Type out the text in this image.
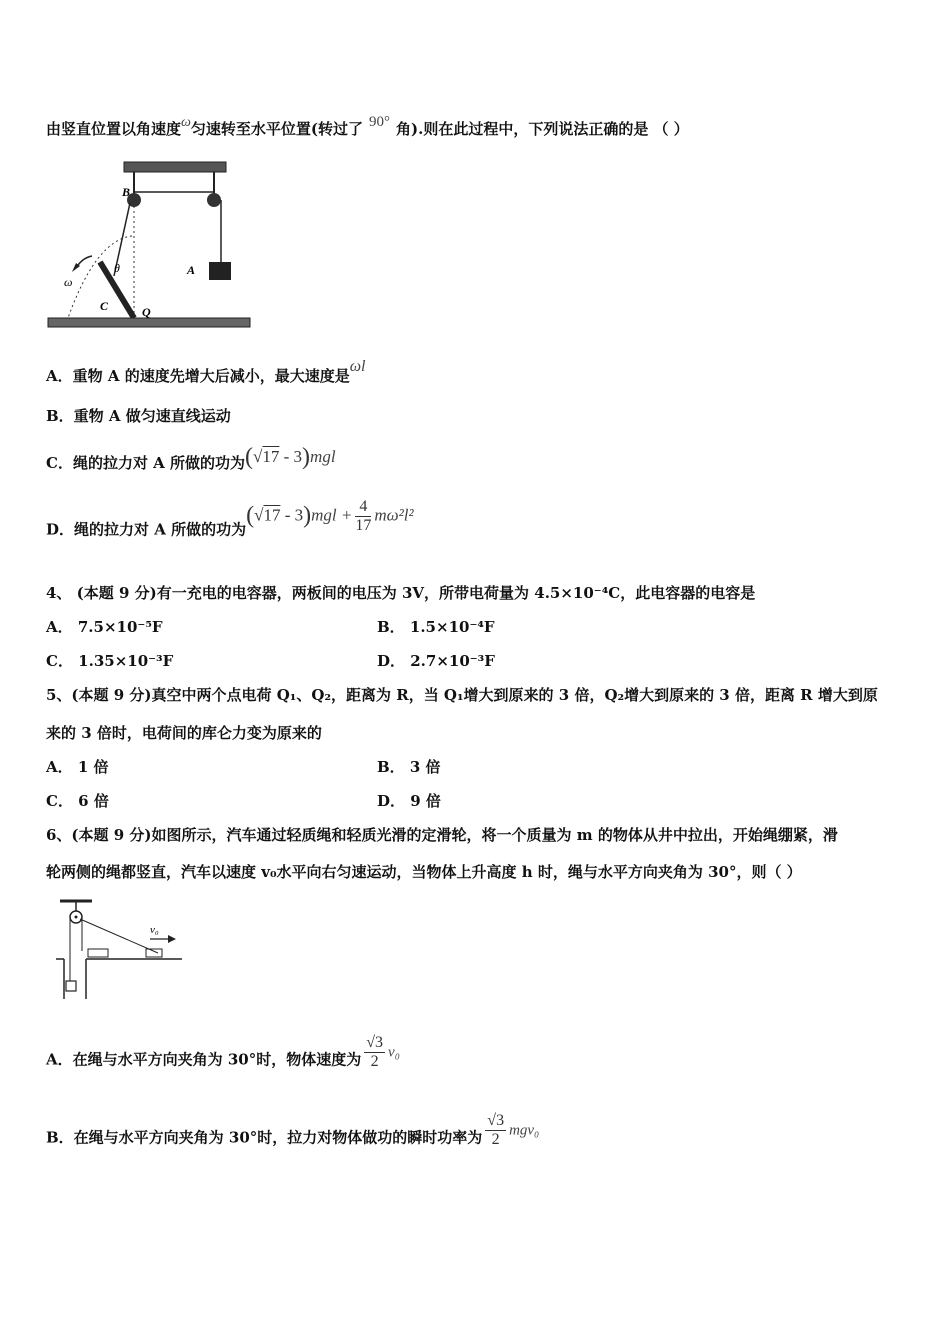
由竖直位置以角速度ω匀速转至水平位置(转过了 90° 角).则在此过程中，下列说法正确的是 （ ）
B
θ	A
ω
C	Q
A．重物 A 的速度先增大后减小，最大速度是ωl
B．重物 A 做匀速直线运动
C．绳的拉力对 A 所做的功为(√17 - 3)mgl
D．绳的拉力对 A 所做的功为$(√17 - 3)mgl + \frac{4}{17} m\omega^2l^2$
4、 (本题 9 分)有一充电的电容器，两板间的电压为 3V，所带电荷量为 4.5×10⁻⁴C，此电容器的电容是
A． 7.5×10⁻⁵F	B． 1.5×10⁻⁴F
C． 1.35×10⁻³F	D． 2.7×10⁻³F
5、(本题 9 分)真空中两个点电荷 Q₁、Q₂，距离为 R，当 Q₁增大到原来的 3 倍，Q₂增大到原来的 3 倍，距离 R 增大到原
来的 3 倍时，电荷间的库仑力变为原来的
A． 1 倍	B． 3 倍
C． 6 倍	D． 9 倍
6、(本题 9 分)如图所示，汽车通过轻质绳和轻质光滑的定滑轮，将一个质量为 m 的物体从井中拉出，开始绳绷紧，滑
轮两侧的绳都竖直，汽车以速度 v₀水平向右匀速运动，当物体上升高度 h 时，绳与水平方向夹角为 30°，则（ ）
v₀
A．在绳与水平方向夹角为 30°时，物体速度为 $\frac{√3}{2} v_0$
B．在绳与水平方向夹角为 30°时，拉力对物体做功的瞬时功率为 $\frac{√3}{2} mgv_0$
